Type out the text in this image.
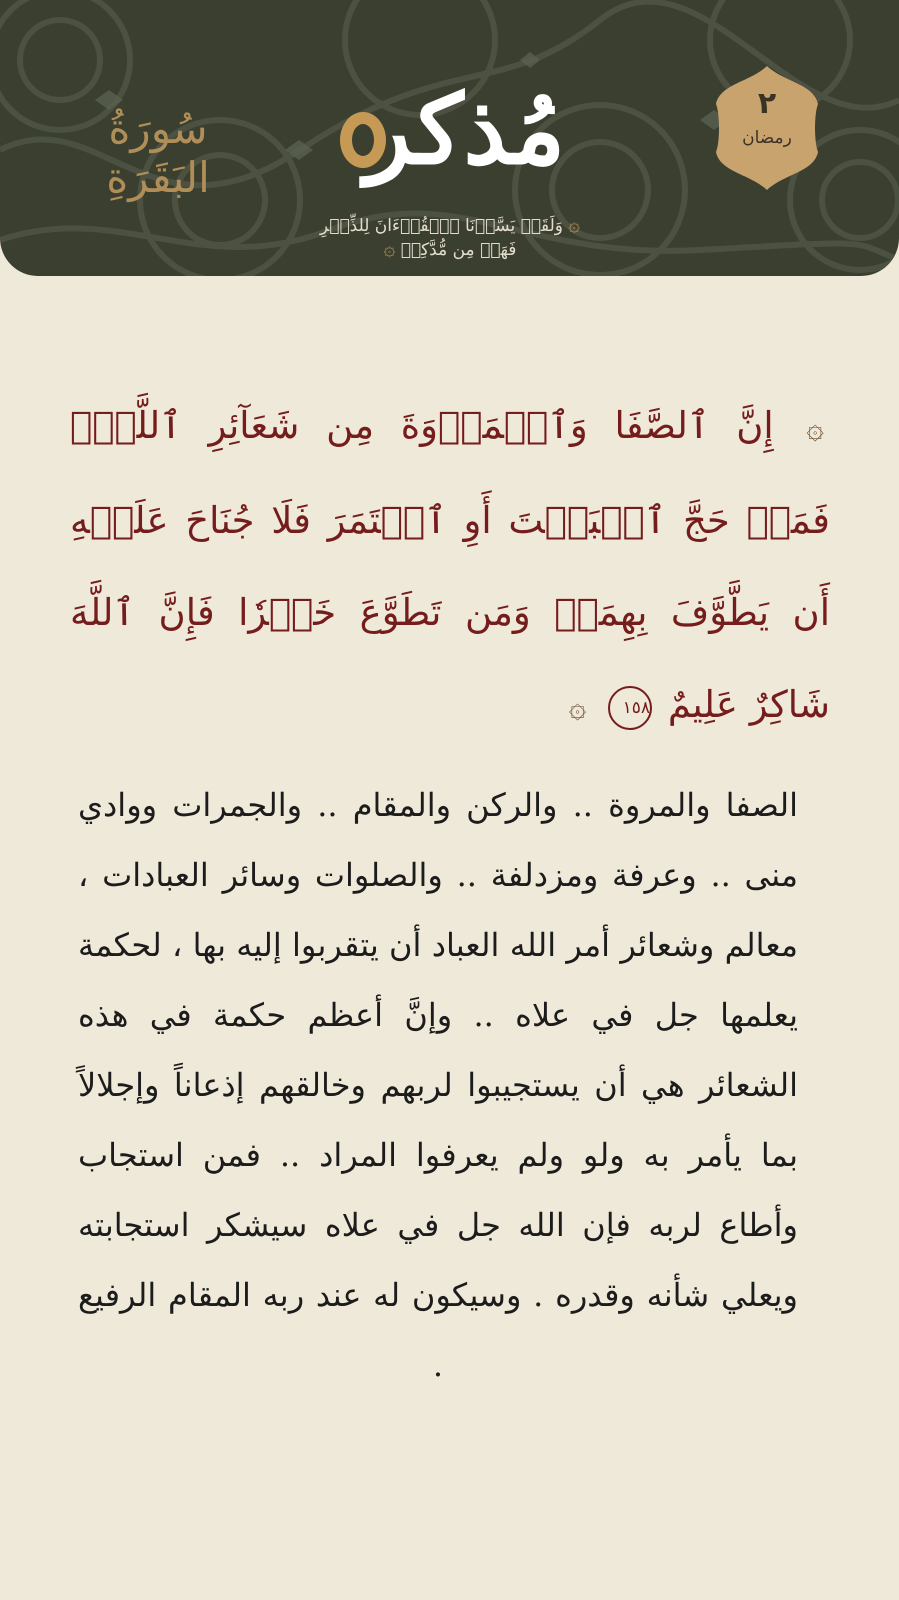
سُورَةُ البَقَرَةِ	مُذكر
۞ وَلَقَدۡ يَسَّرۡنَا ٱلۡقُرۡءَانَ لِلذِّكۡرِ فَهَلۡ مِن مُّدَّكِرٖ ۞
٢
رمضان
۞ إِنَّ ٱلصَّفَا وَٱلۡمَرۡوَةَ مِن شَعَآئِرِ ٱللَّهِۖ فَمَنۡ حَجَّ ٱلۡبَيۡتَ أَوِ ٱعۡتَمَرَ فَلَا جُنَاحَ عَلَيۡهِ أَن يَطَّوَّفَ بِهِمَاۚ وَمَن تَطَوَّعَ خَيۡرٗا فَإِنَّ ٱللَّهَ شَاكِرٌ عَلِيمٌ ١٥٨ ۞
الصفا والمروة .. والركن والمقام .. والجمرات ووادي منى .. وعرفة ومزدلفة .. والصلوات وسائر العبادات ، معالم وشعائر أمر الله العباد أن يتقربوا إليه بها ، لحكمة يعلمها جل في علاه .. وإنَّ أعظم حكمة في هذه الشعائر هي أن يستجيبوا لربهم وخالقهم إذعاناً وإجلالاً بما يأمر به ولو ولم يعرفوا المراد .. فمن استجاب وأطاع لربه فإن الله جل في علاه سيشكر استجابته ويعلي شأنه وقدره . وسيكون له عند ربه المقام الرفيع .
